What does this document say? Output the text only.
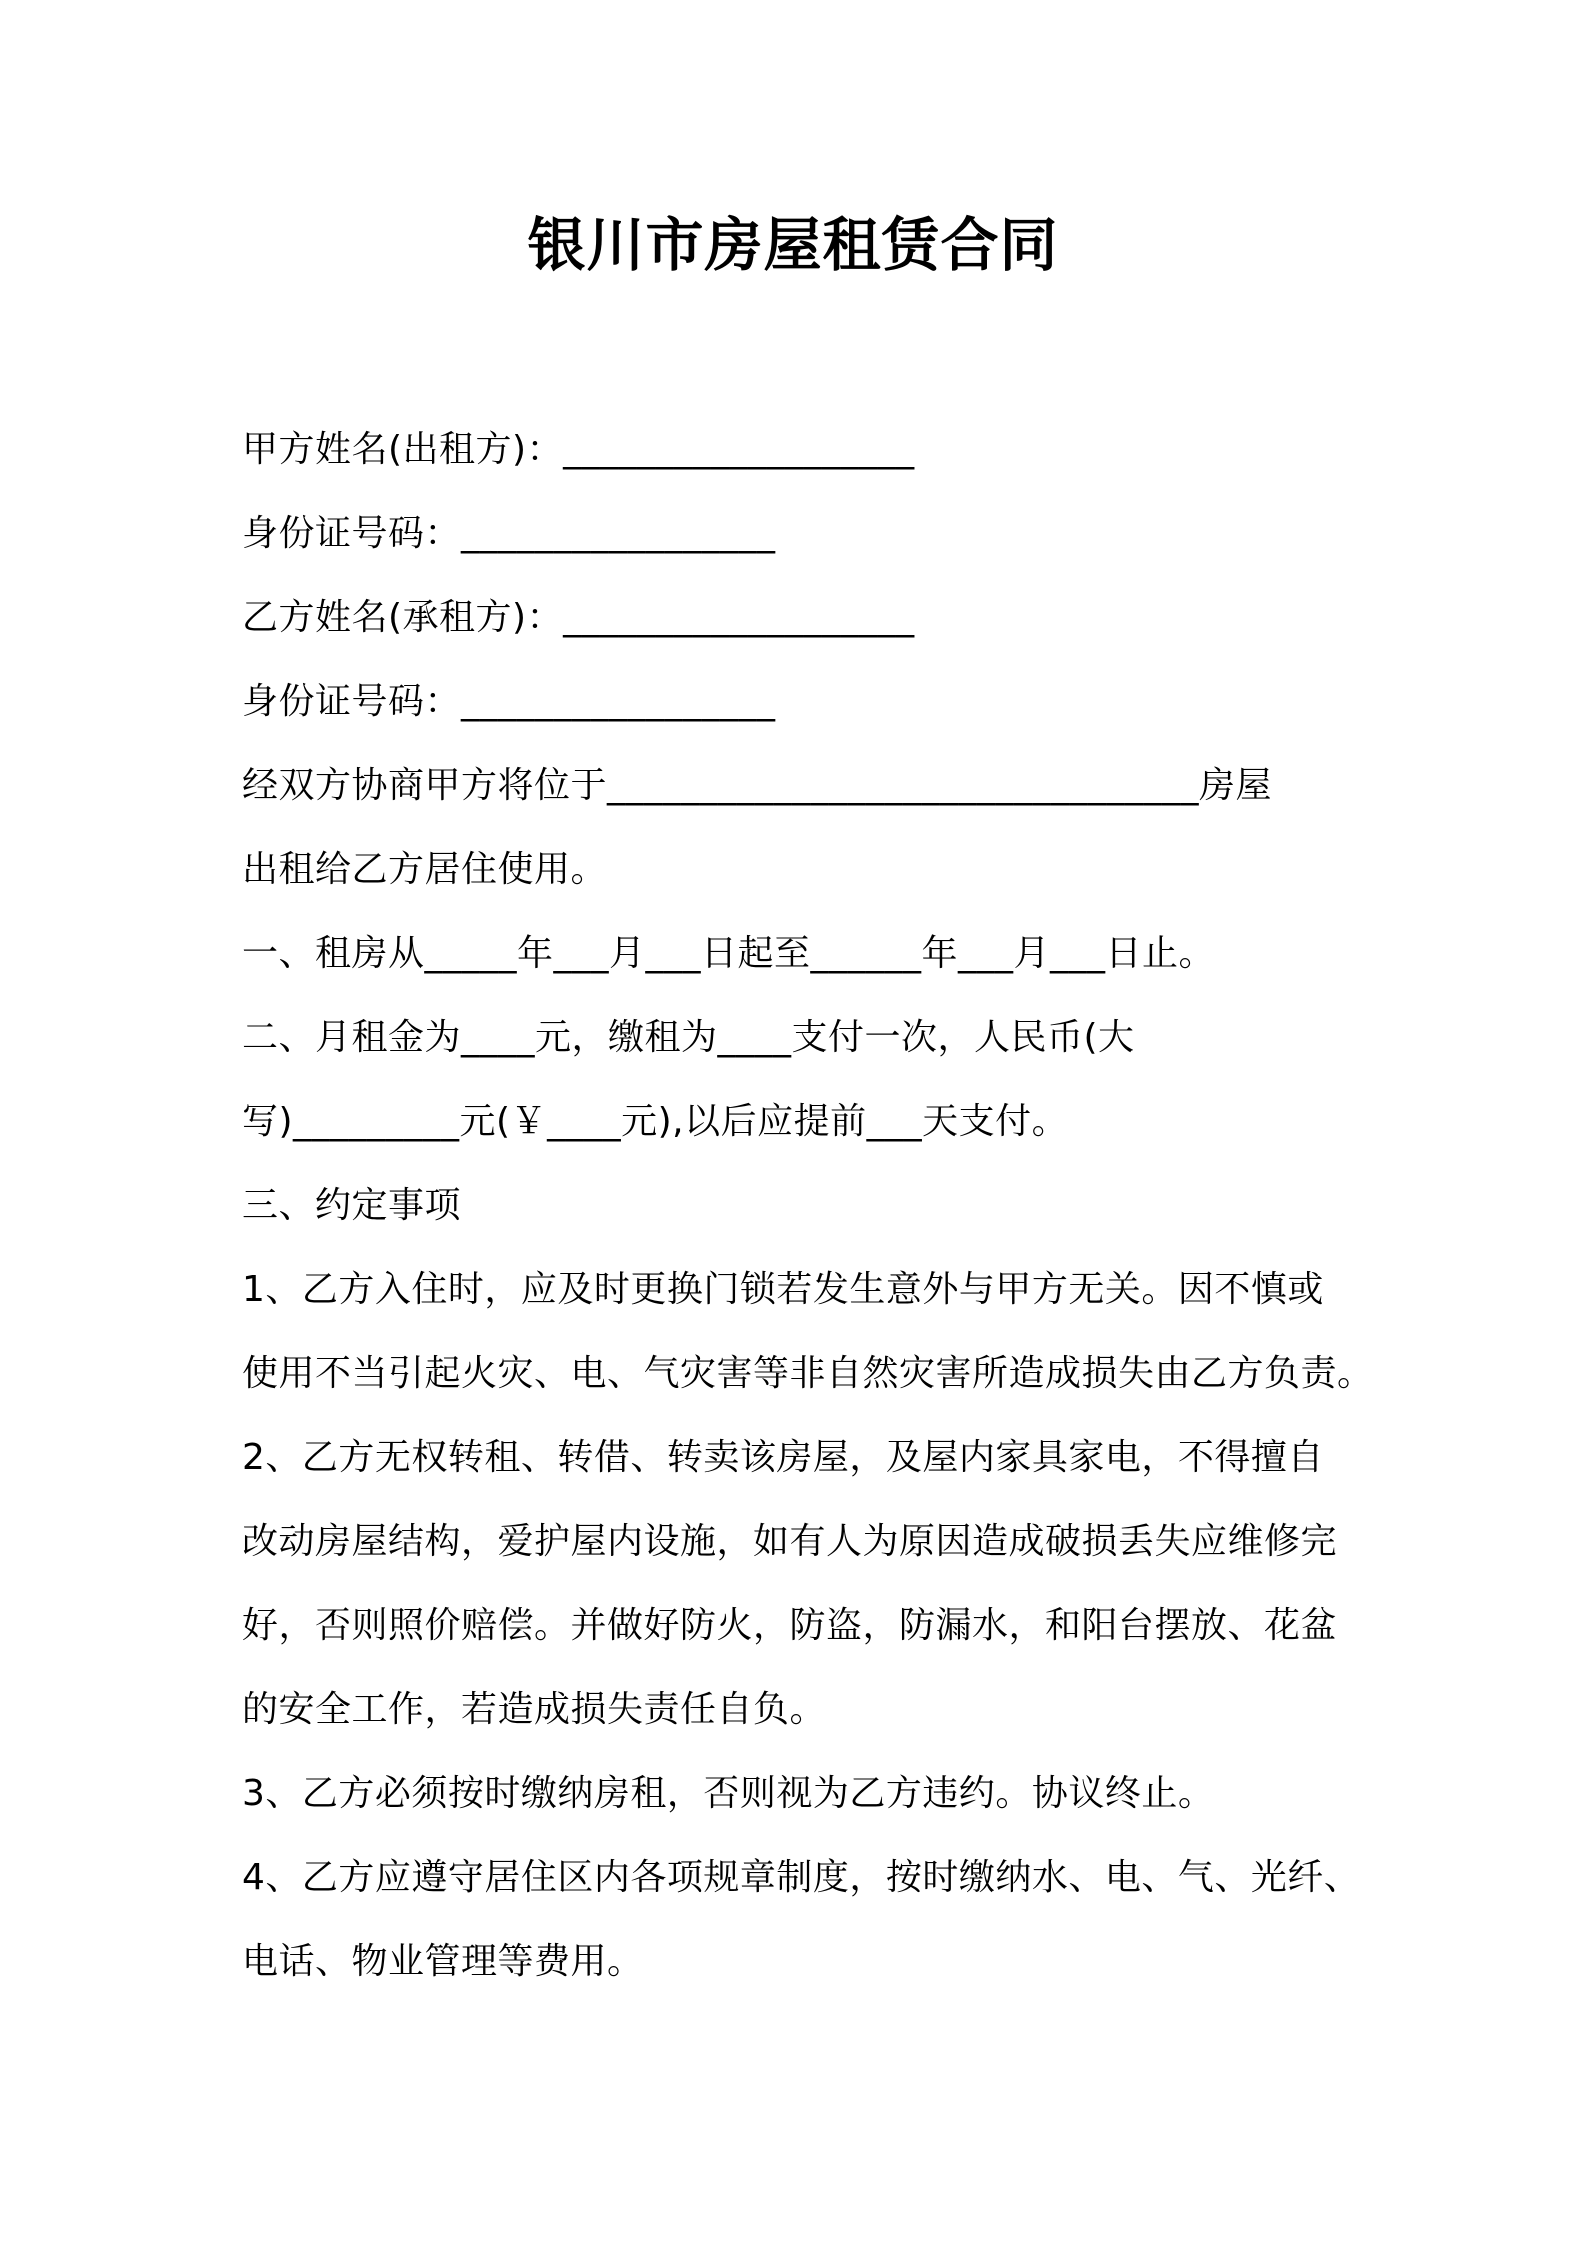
银川市房屋租赁合同
甲方姓名(出租方)：___________________
身份证号码：_________________
乙方姓名(承租方)：___________________
身份证号码：_________________
经双方协商甲方将位于________________________________房屋
出租给乙方居住使用。
一、租房从_____年___月___日起至______年___月___日止。
二、月租金为____元，缴租为____支付一次，人民币(大
写)_________元(￥____元),以后应提前___天支付。
三、约定事项
1、乙方入住时，应及时更换门锁若发生意外与甲方无关。因不慎或
使用不当引起火灾、电、气灾害等非自然灾害所造成损失由乙方负责。
2、乙方无权转租、转借、转卖该房屋，及屋内家具家电，不得擅自
改动房屋结构，爱护屋内设施，如有人为原因造成破损丢失应维修完
好，否则照价赔偿。并做好防火，防盗，防漏水，和阳台摆放、花盆
的安全工作，若造成损失责任自负。
3、乙方必须按时缴纳房租，否则视为乙方违约。协议终止。
4、乙方应遵守居住区内各项规章制度，按时缴纳水、电、气、光纤、
电话、物业管理等费用。
